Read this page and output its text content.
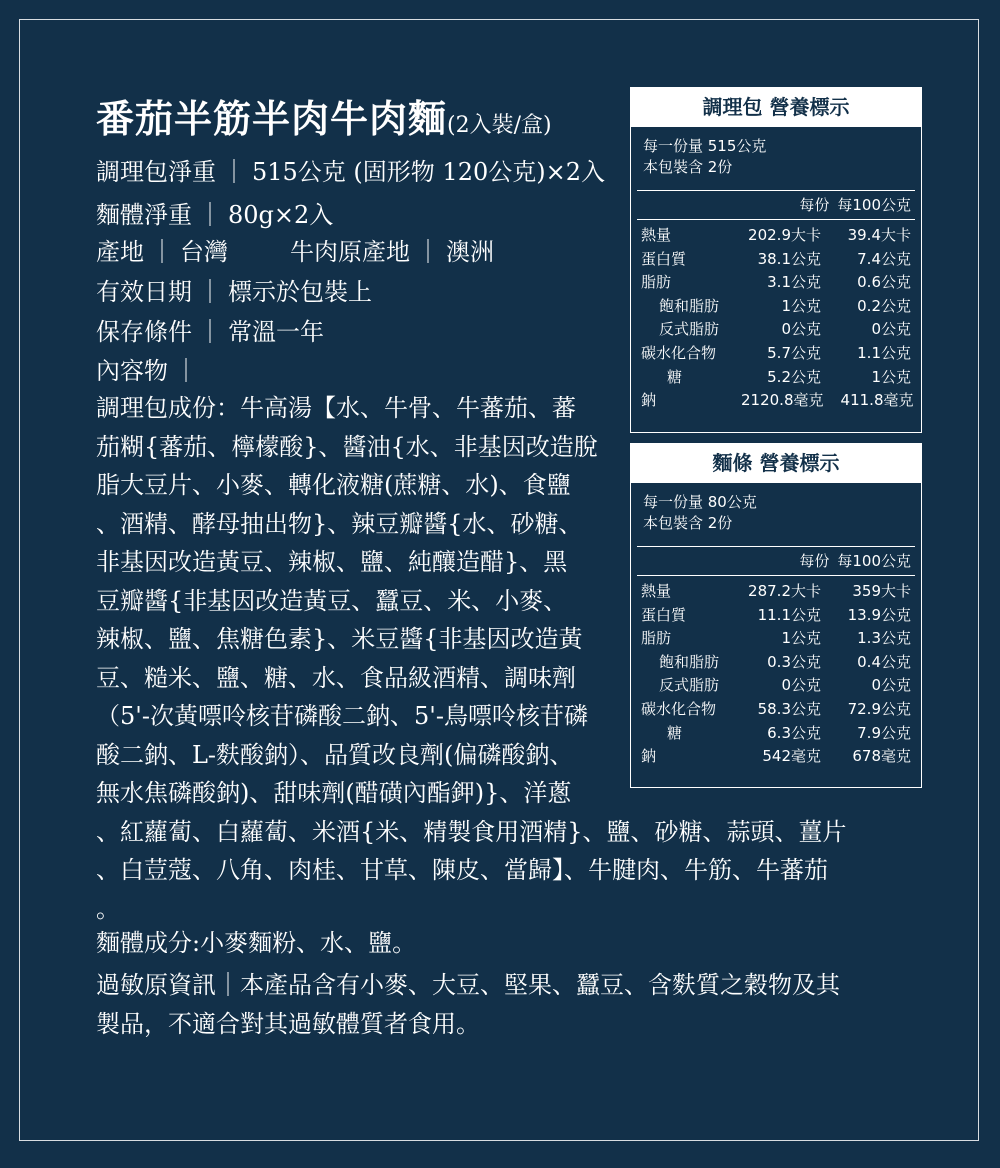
番茄半筋半肉牛肉麵(2入裝/盒)
調理包淨重 ｜ 515公克 (固形物 120公克)×2入
麵體淨重 ｜ 80g×2入
產地 ｜ 台灣	牛肉原產地 ｜ 澳洲
有效日期 ｜ 標示於包裝上
保存條件 ｜ 常溫一年
內容物 ｜
調理包成份：牛高湯【水、牛骨、牛蕃茄、蕃
茄糊{蕃茄、檸檬酸}、醬油{水、非基因改造脫
脂大豆片、小麥、轉化液糖(蔗糖、水)、食鹽
、酒精、酵母抽出物}、辣豆瓣醬{水、砂糖、
非基因改造黃豆、辣椒、鹽、純釀造醋}、黑
豆瓣醬{非基因改造黃豆、蠶豆、米、小麥、
辣椒、鹽、焦糖色素}、米豆醬{非基因改造黃
豆、糙米、鹽、糖、水、食品級酒精、調味劑
（5'-次黃嘌呤核苷磷酸二鈉、5'-鳥嘌呤核苷磷
酸二鈉、L-麩酸鈉）、品質改良劑(偏磷酸鈉、
無水焦磷酸鈉)、甜味劑(醋磺內酯鉀)}、洋蔥
、紅蘿蔔、白蘿蔔、米酒{米、精製食用酒精}、鹽、砂糖、蒜頭、薑片
、白荳蔻、八角、肉桂、甘草、陳皮、當歸】、牛腱肉、牛筋、牛蕃茄
。
麵體成分:小麥麵粉、水、鹽。
過敏原資訊｜本產品含有小麥、大豆、堅果、蠶豆、含麩質之穀物及其
製品，不適合對其過敏體質者食用。
調理包 營養標示
每一份量 515公克
本包裝含 2份
每份 每100公克
熱量	202.9大卡	39.4大卡
蛋白質	38.1公克	7.4公克
脂肪	3.1公克	0.6公克
飽和脂肪	1公克	0.2公克
反式脂肪	0公克	0公克
碳水化合物	5.7公克	1.1公克
糖	5.2公克	1公克
鈉	2120.8毫克	411.8毫克
麵條 營養標示
每一份量 80公克
本包裝含 2份
每份 每100公克
熱量	287.2大卡	359大卡
蛋白質	11.1公克	13.9公克
脂肪	1公克	1.3公克
飽和脂肪	0.3公克	0.4公克
反式脂肪	0公克	0公克
碳水化合物	58.3公克	72.9公克
糖	6.3公克	7.9公克
鈉	542毫克	678毫克
